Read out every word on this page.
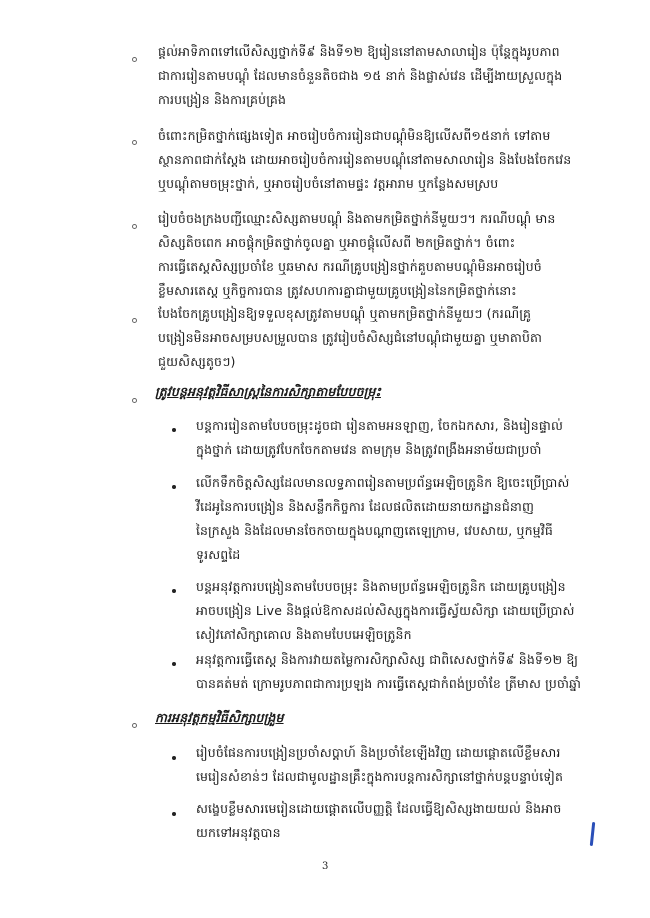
ផ្តល់អាទិភាពទៅលើសិស្សថ្នាក់ទី៩ និងទី១២ ឱ្យរៀននៅតាមសាលារៀន ប៉ុន្តែក្នុងរូបភាព
ជាការរៀនតាមបណ្តុំ ដែលមានចំនួនតិចជាង ១៥ នាក់ និងផ្លាស់វេន ដើម្បីងាយស្រួលក្នុង
ការបង្រៀន និងការគ្រប់គ្រង
ចំពោះកម្រិតថ្នាក់ផ្សេងទៀត អាចរៀបចំការរៀនជាបណ្តុំមិនឱ្យលើសពី១៥នាក់ ទៅតាម
ស្ថានភាពជាក់ស្តែង ដោយអាចរៀបចំការរៀនតាមបណ្តុំនៅតាមសាលារៀន និងបែងចែកវេន
ឬបណ្តុំតាមចម្រុះថ្នាក់, ឬអាចរៀបចំនៅតាមផ្ទះ វត្តអារាម ឬកន្លែងសមស្រប
រៀបចំចងក្រងបញ្ជីឈ្មោះសិស្សតាមបណ្តុំ និងតាមកម្រិតថ្នាក់នីមួយៗ។ ករណីបណ្តុំ មាន
សិស្សតិចពេក អាចផ្តុំកម្រិតថ្នាក់ចូលគ្នា ឬអាចផ្តុំលើសពី ២កម្រិតថ្នាក់។ ចំពោះ
ការធ្វើតេស្តសិស្សប្រចាំខែ ឬឆមាស ករណីគ្រូបង្រៀនថ្នាក់គួបតាមបណ្តុំមិនអាចរៀបចំ
ខ្លឹមសារតេស្ត ឬកិច្ចការបាន ត្រូវសហការគ្នាជាមួយគ្រូបង្រៀននៃកម្រិតថ្នាក់នោះ
បែងចែកគ្រូបង្រៀនឱ្យទទួលខុសត្រូវតាមបណ្តុំ ឬតាមកម្រិតថ្នាក់នីមួយៗ (ករណីគ្រូ
បង្រៀនមិនអាចសម្របសម្រួលបាន ត្រូវរៀបចំសិស្សជំនៅបណ្តុំជាមួយគ្នា ឬមាតាបិតា
ជួយសិស្សតូចៗ)
ត្រូវបន្តអនុវត្តវិធីសាស្ត្រនៃការសិក្សាតាមបែបចម្រុះ
បន្តការរៀនតាមបែបចម្រុះដូចជា រៀនតាមអនឡាញ, ចែកឯកសារ, និងរៀនផ្ទាល់
ក្នុងថ្នាក់ ដោយត្រូវបែកចែកតាមវេន តាមក្រុម និងត្រូវពង្រឹងអនាម័យជាប្រចាំ
លើកទឹកចិត្តសិស្សដែលមានលទ្ធភាពរៀនតាមប្រព័ន្ធអេឡិចត្រូនិក ឱ្យចេះប្រើប្រាស់
វីដេអូនៃការបង្រៀន និងសន្លឹកកិច្ចការ ដែលផលិតដោយនាយកដ្ឋានជំនាញ
នៃក្រសួង និងដែលមានចែកចាយក្នុងបណ្តាញតេឡេក្រាម, វេបសាយ, ឬកម្មវិធី
ទូរសព្ទដៃ
បន្តអនុវត្តការបង្រៀនតាមបែបចម្រុះ និងតាមប្រព័ន្ធអេឡិចត្រូនិក ដោយគ្រូបង្រៀន
អាចបង្រៀន Live និងផ្តល់ឱកាសដល់សិស្សក្នុងការធ្វើស្វ័យសិក្សា ដោយប្រើប្រាស់
សៀវភៅសិក្សាគោល និងតាមបែបអេឡិចត្រូនិក
អនុវត្តការធ្វើតេស្ត និងការវាយតម្លៃការសិក្សាសិស្ស ជាពិសេសថ្នាក់ទី៩ និងទី១២ ឱ្យ
បានគត់មត់ ក្រោមរូបភាពជាការប្រឡង ការធ្វើតេស្តជាកំពង់ប្រចាំខែ ត្រីមាស ប្រចាំឆ្នាំ
ការអនុវត្តកម្មវិធីសិក្សាបង្រួម
រៀបចំផែនការបង្រៀនប្រចាំសប្តាហ៍ និងប្រចាំខែឡើងវិញ ដោយផ្តោតលើខ្លឹមសារ
មេរៀនសំខាន់ៗ ដែលជាមូលដ្ឋានគ្រឹះក្នុងការបន្តការសិក្សានៅថ្នាក់បន្តបន្ទាប់ទៀត
សង្ខេបខ្លឹមសារមេរៀនដោយផ្តោតលើបញ្ញត្តិ ដែលធ្វើឱ្យសិស្សងាយយល់ និងអាច
យកទៅអនុវត្តបាន
3
